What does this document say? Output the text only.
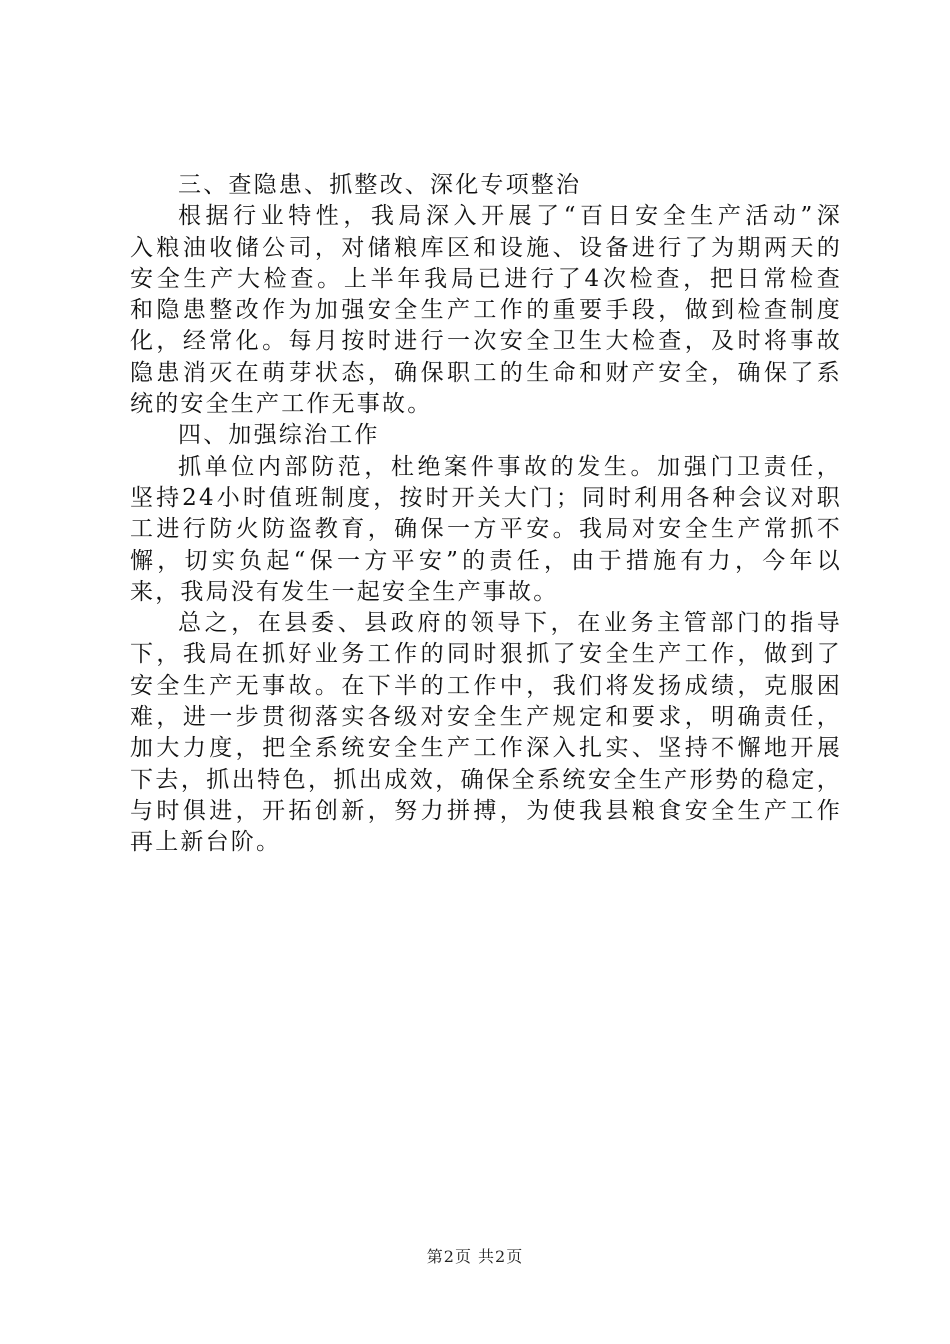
三、查隐患、抓整改、深化专项整治
根据行业特性，我局深入开展了“百日安全生产活动”深
入粮油收储公司，对储粮库区和设施、设备进行了为期两天的
安全生产大检查。上半年我局已进行了4次检查，把日常检查
和隐患整改作为加强安全生产工作的重要手段，做到检查制度
化，经常化。每月按时进行一次安全卫生大检查，及时将事故
隐患消灭在萌芽状态，确保职工的生命和财产安全，确保了系
统的安全生产工作无事故。
四、加强综治工作
抓单位内部防范，杜绝案件事故的发生。加强门卫责任，
坚持24小时值班制度，按时开关大门；同时利用各种会议对职
工进行防火防盗教育，确保一方平安。我局对安全生产常抓不
懈，切实负起“保一方平安”的责任，由于措施有力，今年以
来，我局没有发生一起安全生产事故。
总之，在县委、县政府的领导下，在业务主管部门的指导
下，我局在抓好业务工作的同时狠抓了安全生产工作，做到了
安全生产无事故。在下半的工作中，我们将发扬成绩，克服困
难，进一步贯彻落实各级对安全生产规定和要求，明确责任，
加大力度，把全系统安全生产工作深入扎实、坚持不懈地开展
下去，抓出特色，抓出成效，确保全系统安全生产形势的稳定，
与时俱进，开拓创新，努力拼搏，为使我县粮食安全生产工作
再上新台阶。
第2页 共2页
